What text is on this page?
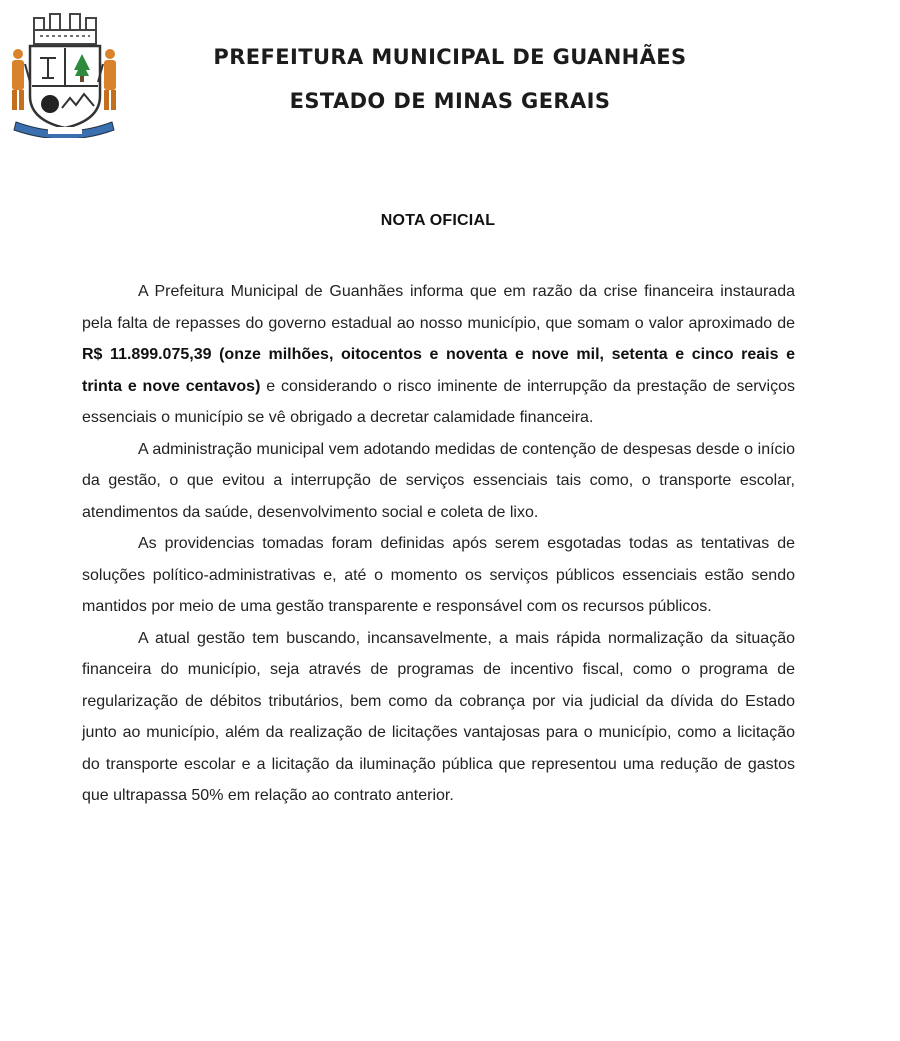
PREFEITURA MUNICIPAL DE GUANHÃES
ESTADO DE MINAS GERAIS
NOTA OFICIAL

A Prefeitura Municipal de Guanhães informa que em razão da crise financeira instaurada pela falta de repasses do governo estadual ao nosso município, que somam o valor aproximado de R$ 11.899.075,39 (onze milhões, oitocentos e noventa e nove mil, setenta e cinco reais e trinta e nove centavos) e considerando o risco iminente de interrupção da prestação de serviços essenciais o município se vê obrigado a decretar calamidade financeira.

A administração municipal vem adotando medidas de contenção de despesas desde o início da gestão, o que evitou a interrupção de serviços essenciais tais como, o transporte escolar, atendimentos da saúde, desenvolvimento social e coleta de lixo.

As providencias tomadas foram definidas após serem esgotadas todas as tentativas de soluções político-administrativas e, até o momento os serviços públicos essenciais estão sendo mantidos por meio de uma gestão transparente e responsável com os recursos públicos.

A atual gestão tem buscando, incansavelmente, a mais rápida normalização da situação financeira do município, seja através de programas de incentivo fiscal, como o programa de regularização de débitos tributários, bem como da cobrança por via judicial da dívida do Estado junto ao município, além da realização de licitações vantajosas para o município, como a licitação do transporte escolar e a licitação da iluminação pública que representou uma redução de gastos que ultrapassa 50% em relação ao contrato anterior.
